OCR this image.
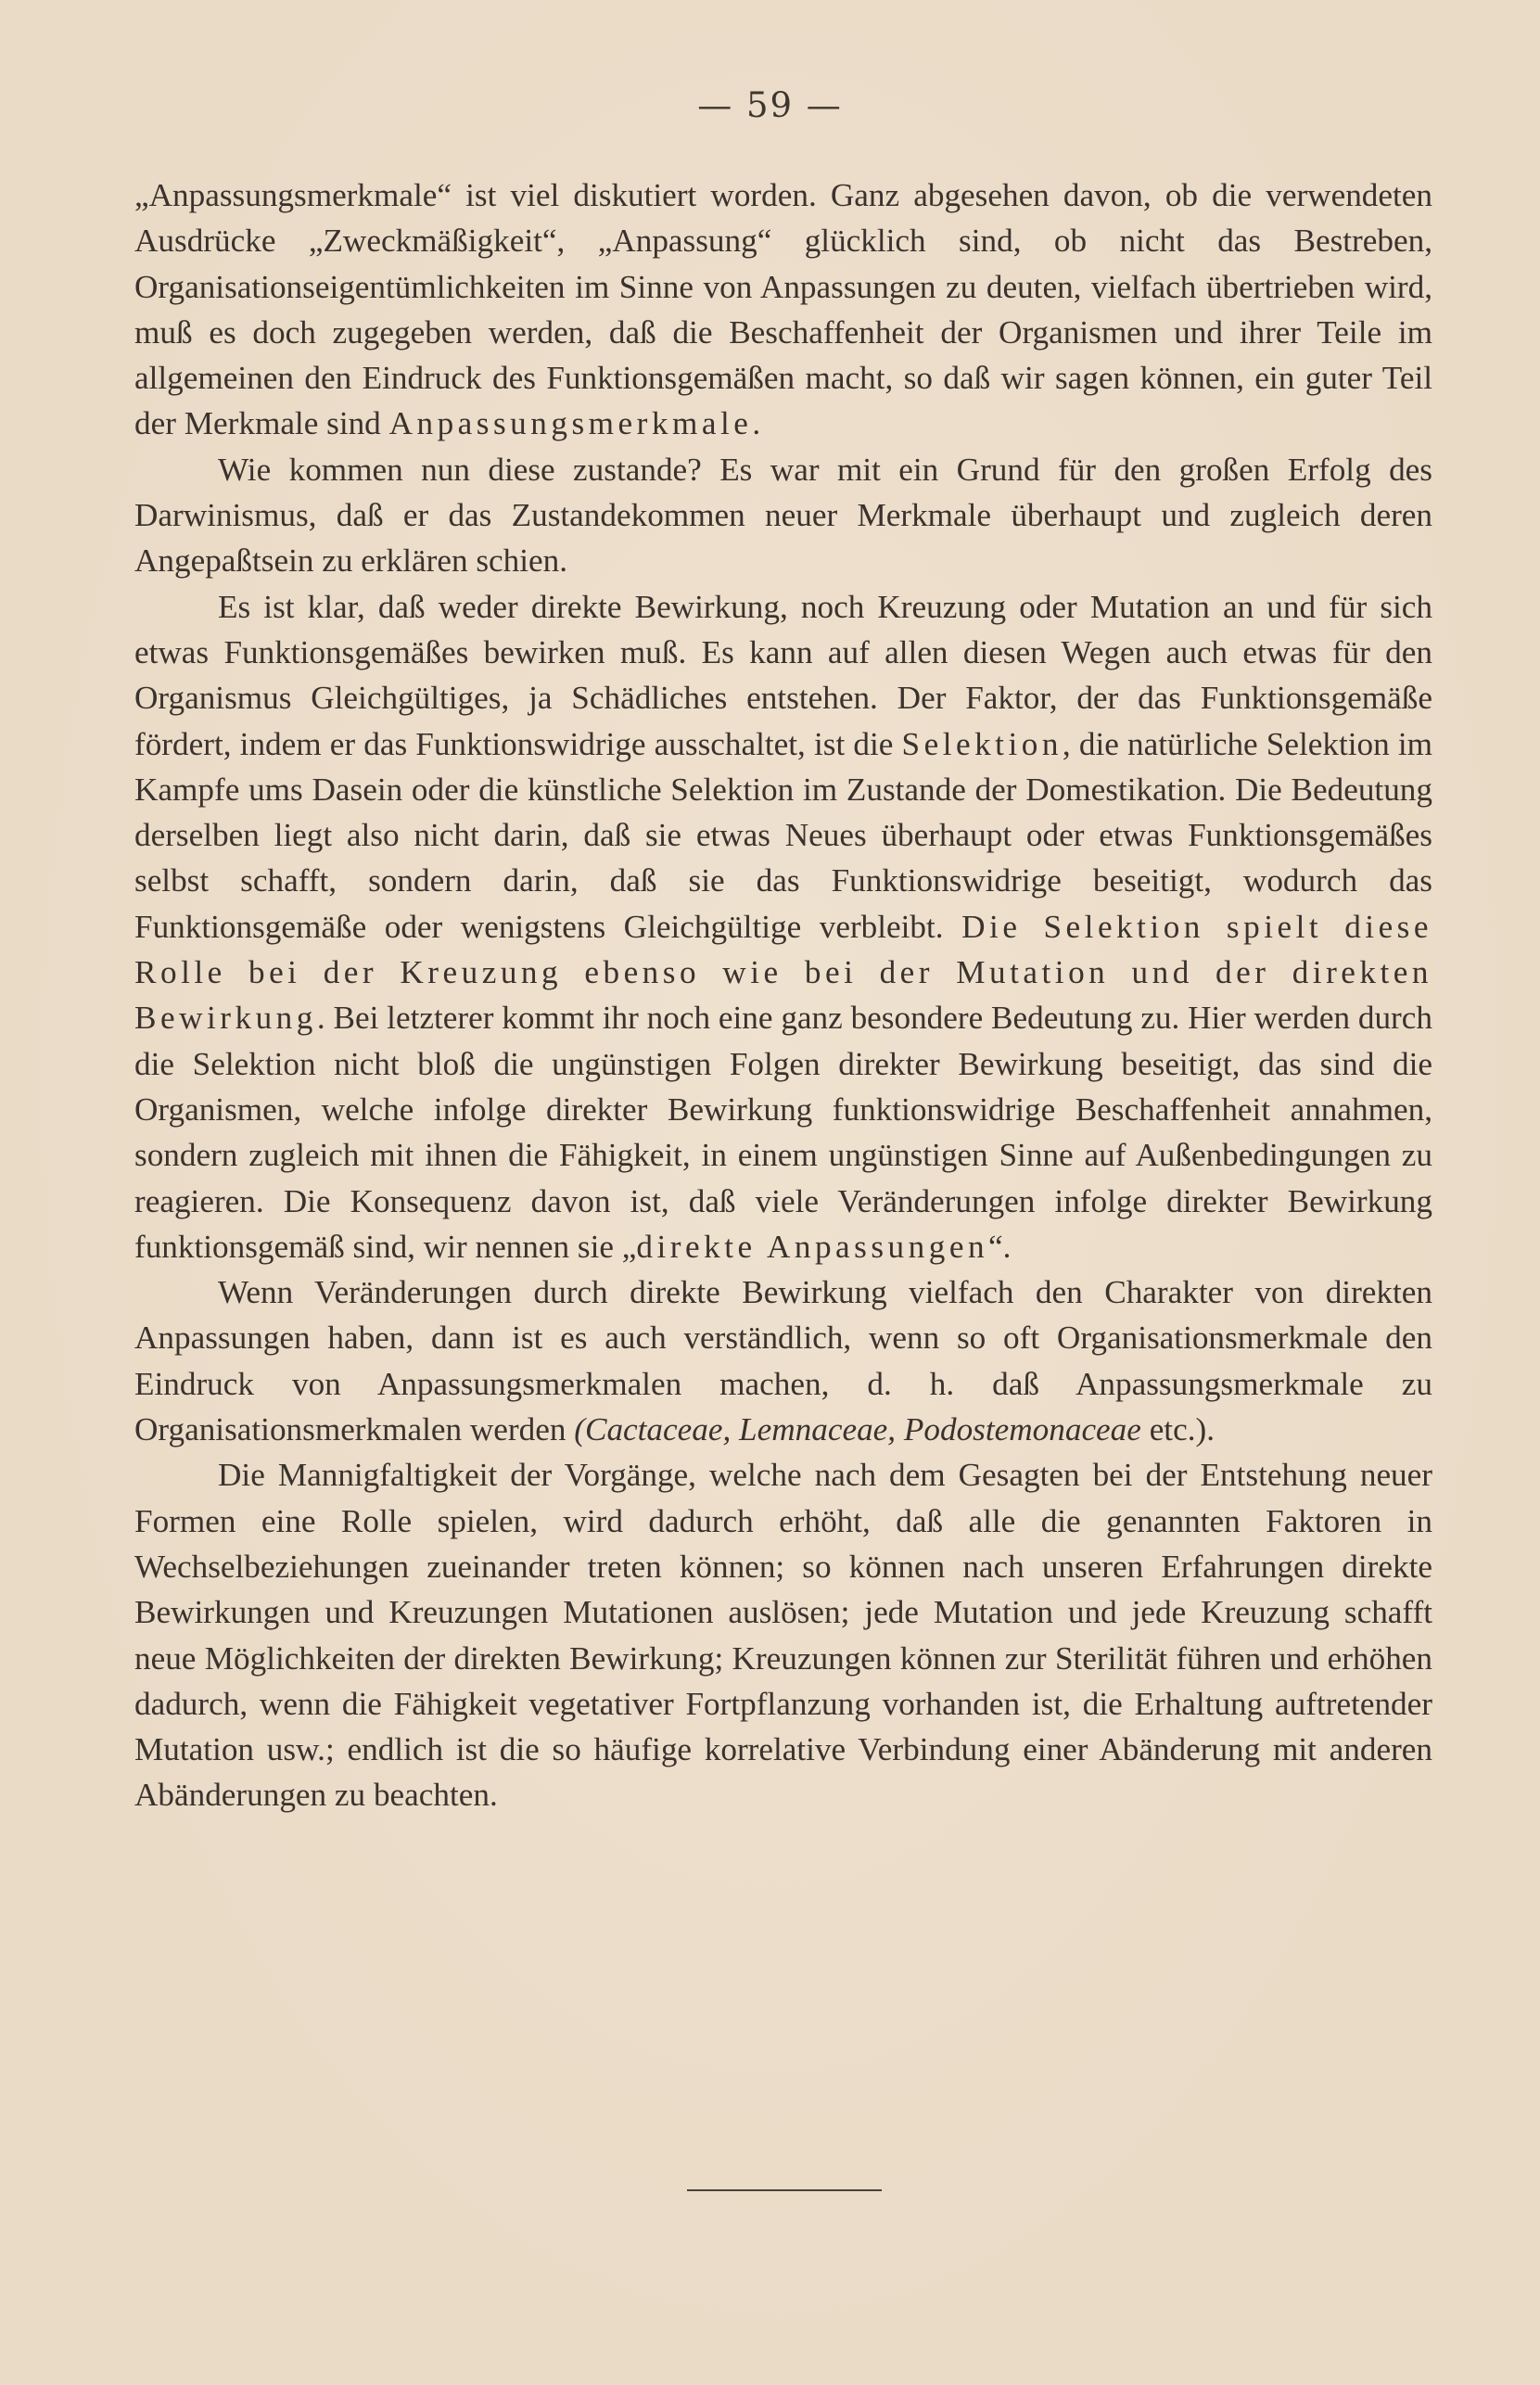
— 59 —

„Anpassungsmerkmale“ ist viel diskutiert worden. Ganz abgesehen davon, ob die verwendeten Ausdrücke „Zweckmäßigkeit“, „Anpassung“ glücklich sind, ob nicht das Bestreben, Organisationseigentümlichkeiten im Sinne von Anpassungen zu deuten, vielfach übertrieben wird, muß es doch zugegeben werden, daß die Beschaffenheit der Organismen und ihrer Teile im allgemeinen den Eindruck des Funktionsgemäßen macht, so daß wir sagen können, ein guter Teil der Merkmale sind Anpassungsmerkmale.

Wie kommen nun diese zustande? Es war mit ein Grund für den großen Erfolg des Darwinismus, daß er das Zustandekommen neuer Merkmale überhaupt und zugleich deren Angepaßtsein zu erklären schien.

Es ist klar, daß weder direkte Bewirkung, noch Kreuzung oder Mutation an und für sich etwas Funktionsgemäßes bewirken muß. Es kann auf allen diesen Wegen auch etwas für den Organismus Gleichgültiges, ja Schädliches entstehen. Der Faktor, der das Funktionsgemäße fördert, indem er das Funktionswidrige ausschaltet, ist die Selektion, die natürliche Selektion im Kampfe ums Dasein oder die künstliche Selektion im Zustande der Domestikation. Die Bedeutung derselben liegt also nicht darin, daß sie etwas Neues überhaupt oder etwas Funktionsgemäßes selbst schafft, sondern darin, daß sie das Funktionswidrige beseitigt, wodurch das Funktionsgemäße oder wenigstens Gleichgültige verbleibt. Die Selektion spielt diese Rolle bei der Kreuzung ebenso wie bei der Mutation und der direkten Bewirkung. Bei letzterer kommt ihr noch eine ganz besondere Bedeutung zu. Hier werden durch die Selektion nicht bloß die ungünstigen Folgen direkter Bewirkung beseitigt, das sind die Organismen, welche infolge direkter Bewirkung funktionswidrige Beschaffenheit annahmen, sondern zugleich mit ihnen die Fähigkeit, in einem ungünstigen Sinne auf Außenbedingungen zu reagieren. Die Konsequenz davon ist, daß viele Veränderungen infolge direkter Bewirkung funktionsgemäß sind, wir nennen sie „direkte Anpassungen“.

Wenn Veränderungen durch direkte Bewirkung vielfach den Charakter von direkten Anpassungen haben, dann ist es auch verständlich, wenn so oft Organisationsmerkmale den Eindruck von Anpassungsmerkmalen machen, d. h. daß Anpassungsmerkmale zu Organisationsmerkmalen werden (Cactaceae, Lemnaceae, Podostemonaceae etc.).

Die Mannigfaltigkeit der Vorgänge, welche nach dem Gesagten bei der Entstehung neuer Formen eine Rolle spielen, wird dadurch erhöht, daß alle die genannten Faktoren in Wechselbeziehungen zueinander treten können; so können nach unseren Erfahrungen direkte Bewirkungen und Kreuzungen Mutationen auslösen; jede Mutation und jede Kreuzung schafft neue Möglichkeiten der direkten Bewirkung; Kreuzungen können zur Sterilität führen und erhöhen dadurch, wenn die Fähigkeit vegetativer Fortpflanzung vorhanden ist, die Erhaltung auftretender Mutation usw.; endlich ist die so häufige korrelative Verbindung einer Abänderung mit anderen Abänderungen zu beachten.
